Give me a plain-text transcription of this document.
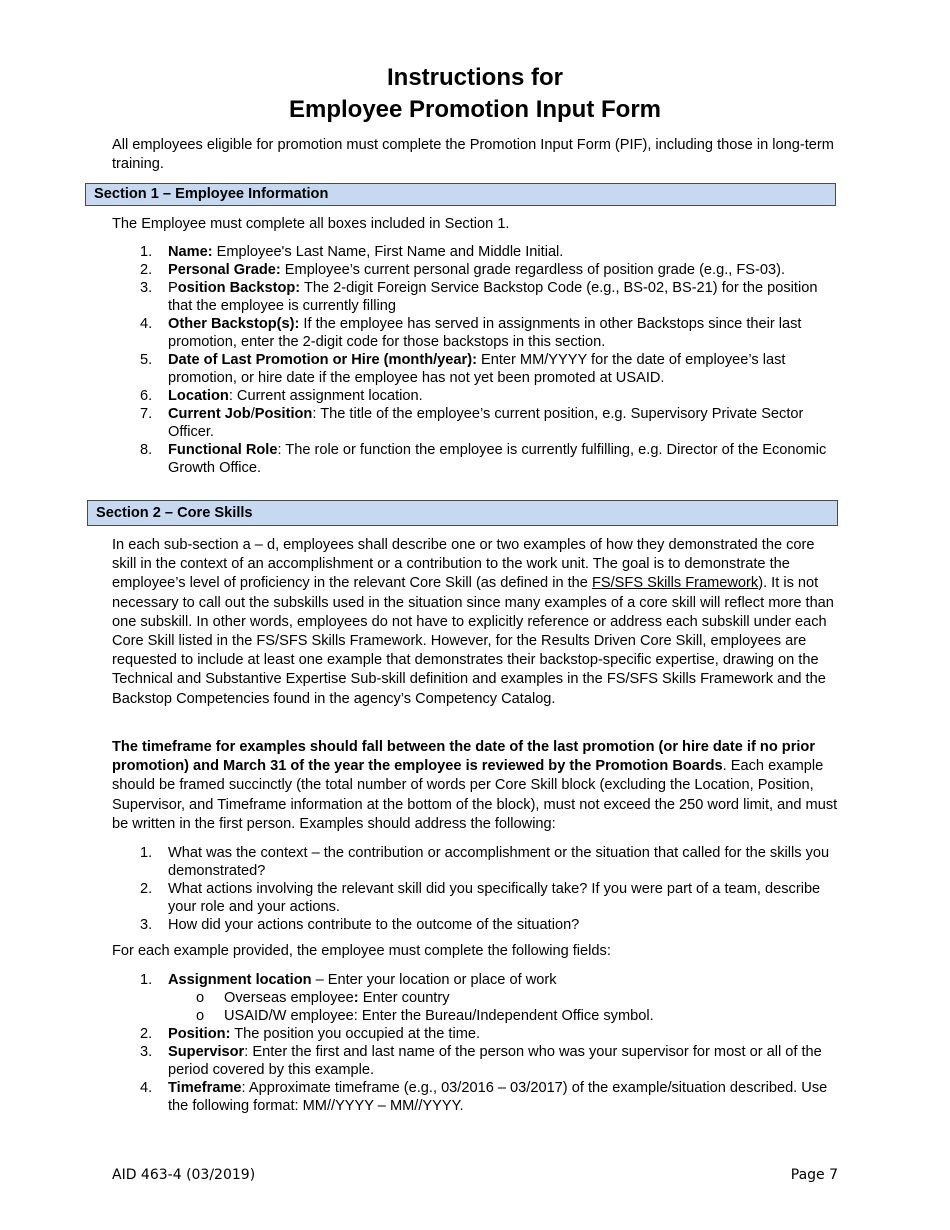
Instructions for
Employee Promotion Input Form
All employees eligible for promotion must complete the Promotion Input Form (PIF), including those in long-term training.
Section 1 – Employee Information
The Employee must complete all boxes included in Section 1.
1. Name: Employee's Last Name, First Name and Middle Initial.
2. Personal Grade: Employee’s current personal grade regardless of position grade (e.g., FS-03).
3. Position Backstop: The 2-digit Foreign Service Backstop Code (e.g., BS-02, BS-21) for the position that the employee is currently filling
4. Other Backstop(s): If the employee has served in assignments in other Backstops since their last promotion, enter the 2-digit code for those backstops in this section.
5. Date of Last Promotion or Hire (month/year): Enter MM/YYYY for the date of employee’s last promotion, or hire date if the employee has not yet been promoted at USAID.
6. Location: Current assignment location.
7. Current Job/Position: The title of the employee’s current position, e.g. Supervisory Private Sector Officer.
8. Functional Role: The role or function the employee is currently fulfilling, e.g. Director of the Economic Growth Office.
Section 2 – Core Skills
In each sub-section a – d, employees shall describe one or two examples of how they demonstrated the core skill in the context of an accomplishment or a contribution to the work unit. The goal is to demonstrate the employee’s level of proficiency in the relevant Core Skill (as defined in the FS/SFS Skills Framework). It is not necessary to call out the subskills used in the situation since many examples of a core skill will reflect more than one subskill. In other words, employees do not have to explicitly reference or address each subskill under each Core Skill listed in the FS/SFS Skills Framework. However, for the Results Driven Core Skill, employees are requested to include at least one example that demonstrates their backstop-specific expertise, drawing on the Technical and Substantive Expertise Sub-skill definition and examples in the FS/SFS Skills Framework and the Backstop Competencies found in the agency’s Competency Catalog.
The timeframe for examples should fall between the date of the last promotion (or hire date if no prior promotion) and March 31 of the year the employee is reviewed by the Promotion Boards. Each example should be framed succinctly (the total number of words per Core Skill block (excluding the Location, Position, Supervisor, and Timeframe information at the bottom of the block), must not exceed the 250 word limit, and must be written in the first person. Examples should address the following:
1. What was the context – the contribution or accomplishment or the situation that called for the skills you demonstrated?
2. What actions involving the relevant skill did you specifically take? If you were part of a team, describe your role and your actions.
3. How did your actions contribute to the outcome of the situation?
For each example provided, the employee must complete the following fields:
1. Assignment location – Enter your location or place of work
o Overseas employee: Enter country
o USAID/W employee: Enter the Bureau/Independent Office symbol.
2. Position: The position you occupied at the time.
3. Supervisor: Enter the first and last name of the person who was your supervisor for most or all of the period covered by this example.
4. Timeframe: Approximate timeframe (e.g., 03/2016 – 03/2017) of the example/situation described. Use the following format: MM//YYYY – MM//YYYY.
AID 463-4 (03/2019)	Page 7
